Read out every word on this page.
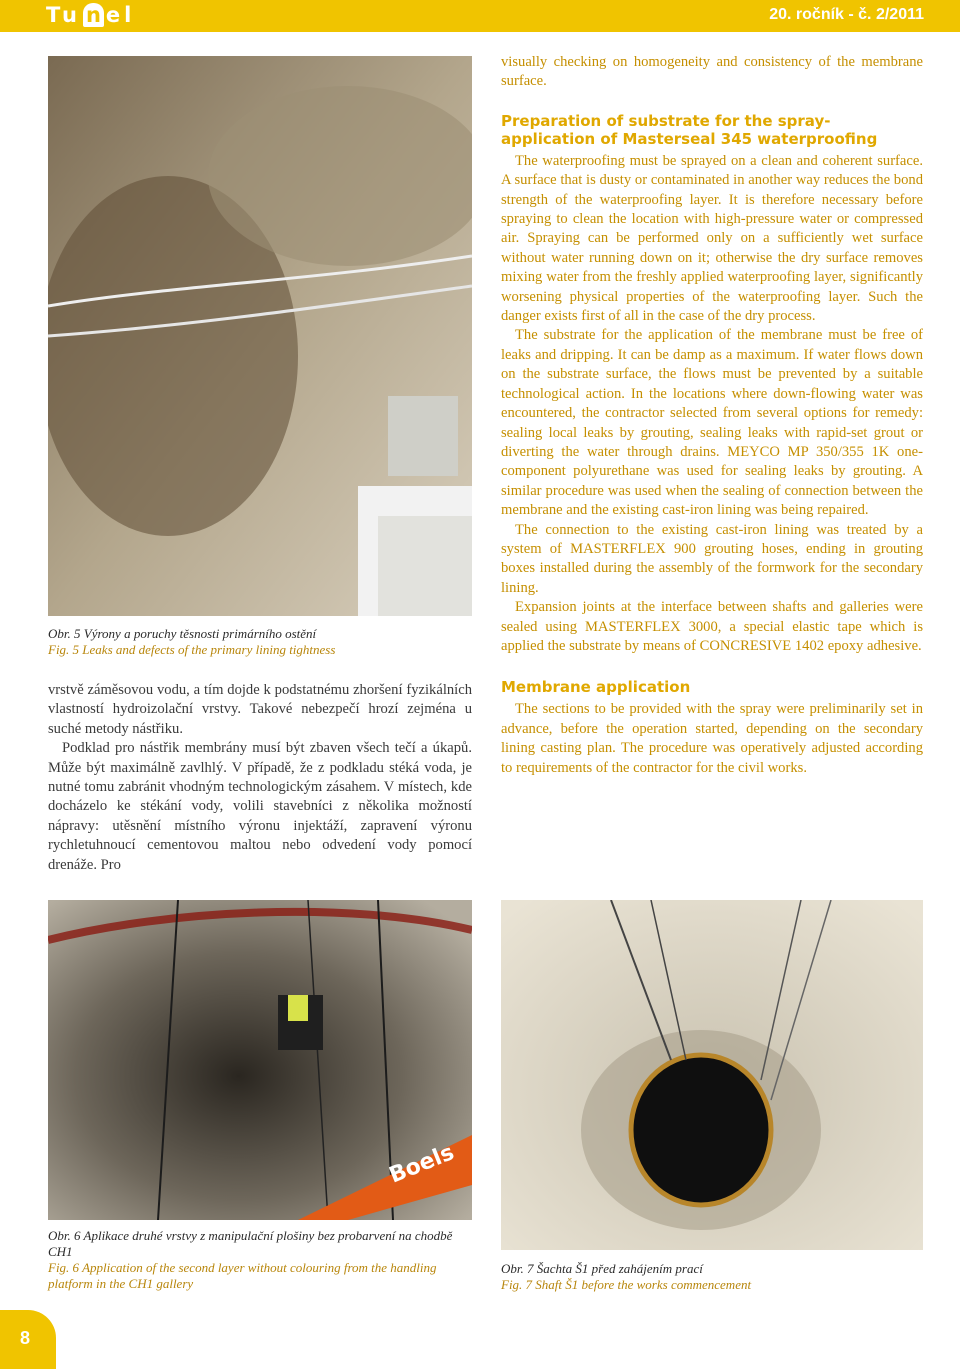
Tu n el	20. ročník - č. 2/2011
Obr. 5 Výrony a poruchy těsnosti primárního ostění
Fig. 5 Leaks and defects of the primary lining tightness

vrstvě záměsovou vodu, a tím dojde k podstatnému zhoršení fyzikálních vlastností hydroizolační vrstvy. Takové nebezpečí hrozí zejména u suché metody nástřiku.

Podklad pro nástřik membrány musí být zbaven všech tečí a úkapů. Může být maximálně zavlhlý. V případě, že z podkladu stéká voda, je nutné tomu zabránit vhodným technologickým zásahem. V místech, kde docházelo ke stékání vody, volili stavebníci z několika možností nápravy: utěsnění místního výronu injektáží, zapravení výronu rychletuhnoucí cementovou maltou nebo odvedení vody pomocí drenáže. Pro

visually checking on homogeneity and consistency of the membrane surface.

Preparation of substrate for the spray-application of Masterseal 345 waterproofing

The waterproofing must be sprayed on a clean and coherent surface. A surface that is dusty or contaminated in another way reduces the bond strength of the waterproofing layer. It is therefore necessary before spraying to clean the location with high-pressure water or compressed air. Spraying can be performed only on a sufficiently wet surface without water running down on it; otherwise the dry surface removes mixing water from the freshly applied waterproofing layer, significantly worsening physical properties of the waterproofing layer. Such the danger exists first of all in the case of the dry process.

The substrate for the application of the membrane must be free of leaks and dripping. It can be damp as a maximum. If water flows down on the substrate surface, the flows must be prevented by a suitable technological action. In the locations where down-flowing water was encountered, the contractor selected from several options for remedy: sealing local leaks by grouting, sealing leaks with rapid-set grout or diverting the water through drains. MEYCO MP 350/355 1K one-component polyurethane was used for sealing leaks by grouting. A similar procedure was used when the sealing of connection between the membrane and the existing cast-iron lining was being repaired.

The connection to the existing cast-iron lining was treated by a system of MASTERFLEX 900 grouting hoses, ending in grouting boxes installed during the assembly of the formwork for the secondary lining.

Expansion joints at the interface between shafts and galleries were sealed using MASTERFLEX 3000, a special elastic tape which is applied the substrate by means of CONCRESIVE 1402 epoxy adhesive.

Membrane application

The sections to be provided with the spray were preliminarily set in advance, before the operation started, depending on the secondary lining casting plan. The procedure was operatively adjusted according to requirements of the contractor for the civil works.

Boels
Obr. 6 Aplikace druhé vrstvy z manipulační plošiny bez probarvení na chodbě CH1
Fig. 6 Application of the second layer without colouring from the handling platform in the CH1 gallery
Obr. 7 Šachta Š1 před zahájením prací
Fig. 7 Shaft Š1 before the works commencement
8
